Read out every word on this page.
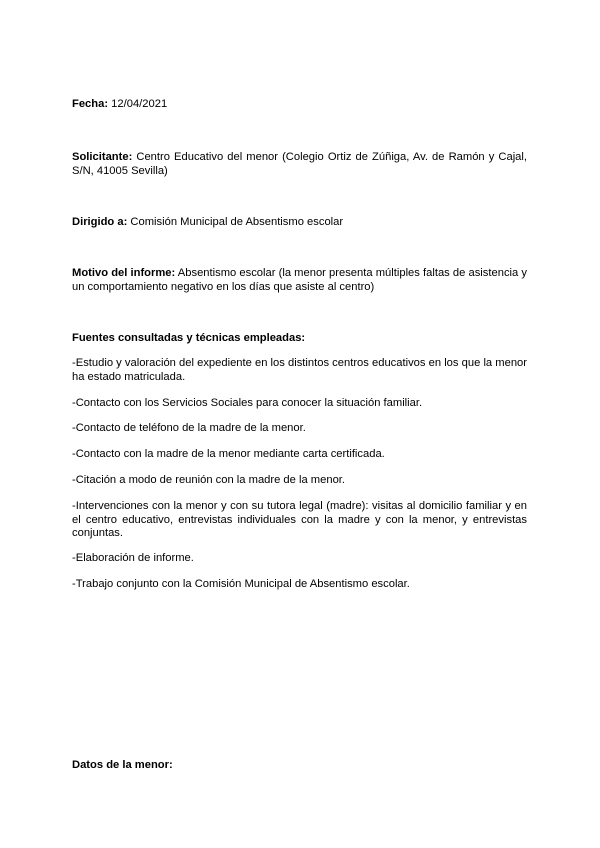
Fecha: 12/04/2021

Solicitante: Centro Educativo del menor (Colegio Ortiz de Zúñiga, Av. de Ramón y Cajal, S/N, 41005 Sevilla)

Dirigido a: Comisión Municipal de Absentismo escolar

Motivo del informe: Absentismo escolar (la menor presenta múltiples faltas de asistencia y un comportamiento negativo en los días que asiste al centro)

Fuentes consultadas y técnicas empleadas:

-Estudio y valoración del expediente en los distintos centros educativos en los que la menor ha estado matriculada.

-Contacto con los Servicios Sociales para conocer la situación familiar.

-Contacto de teléfono de la madre de la menor.

-Contacto con la madre de la menor mediante carta certificada.

-Citación a modo de reunión con la madre de la menor.

-Intervenciones con la menor y con su tutora legal (madre): visitas al domicilio familiar y en el centro educativo, entrevistas individuales con la madre y con la menor, y entrevistas conjuntas.

-Elaboración de informe.

-Trabajo conjunto con la Comisión Municipal de Absentismo escolar.

Datos de la menor:
